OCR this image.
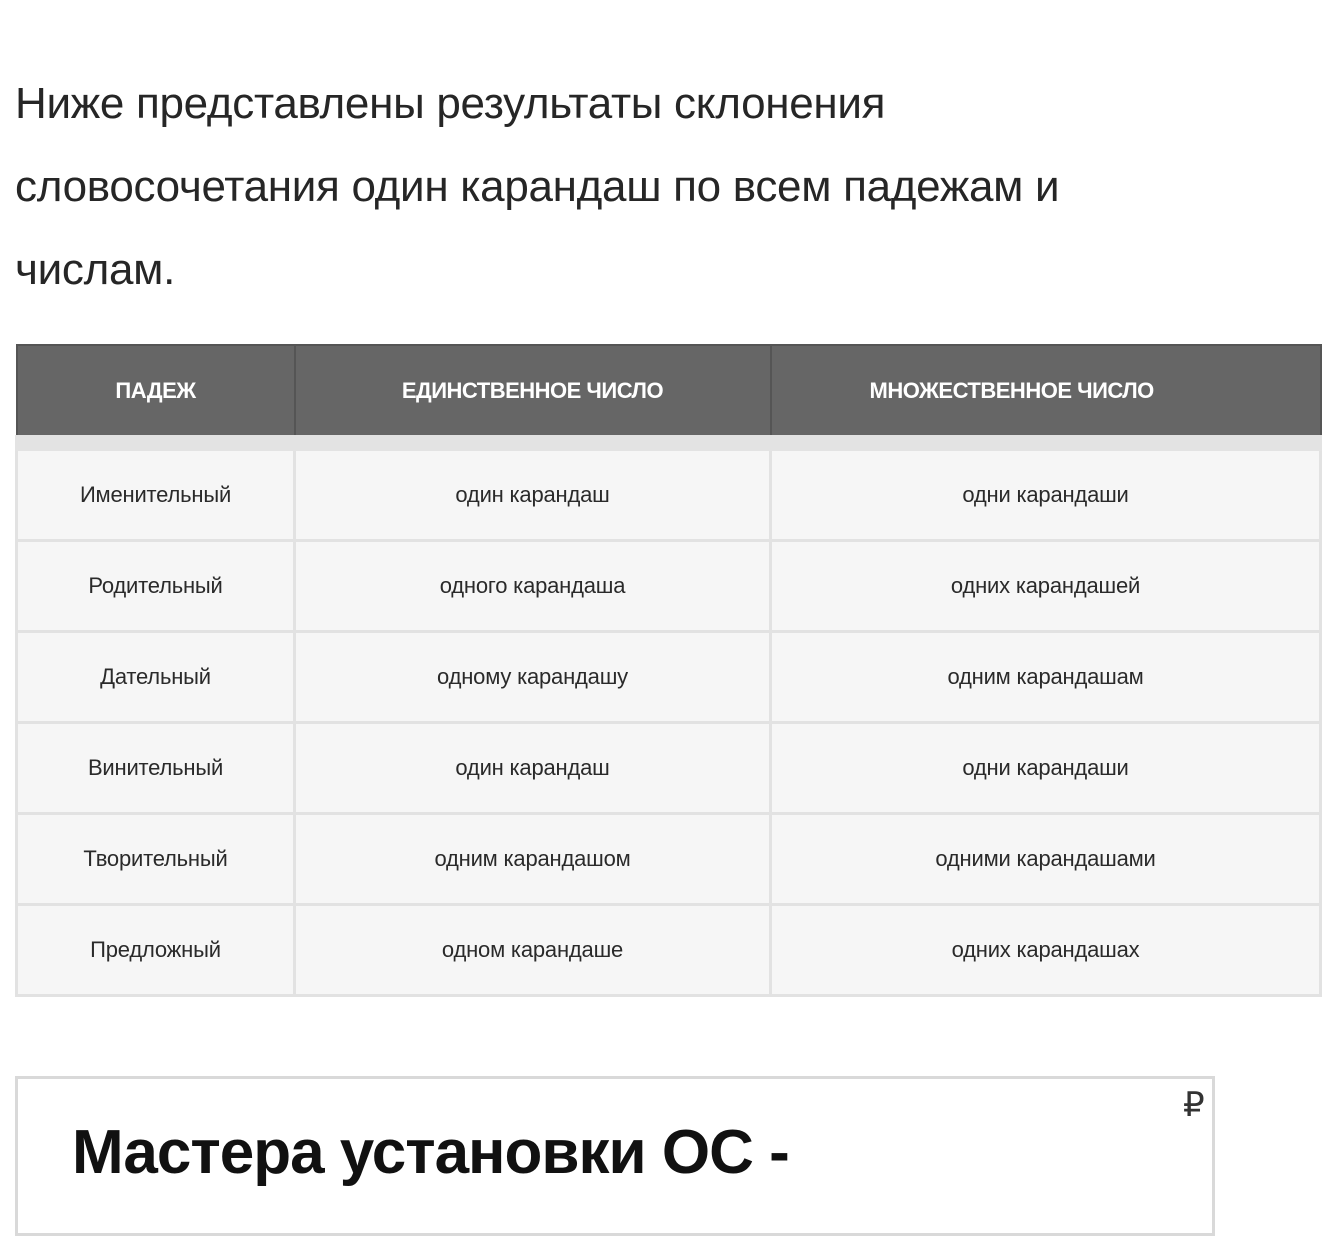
Ниже представлены результаты склонения словосочетания один карандаш по всем падежам и числам.

ПАДЕЖ	ЕДИНСТВЕННОЕ ЧИСЛО	МНОЖЕСТВЕННОЕ ЧИСЛО
Именительный	один карандаш	одни карандаши
Родительный	одного карандаша	одних карандашей
Дательный	одному карандашу	одним карандашам
Винительный	один карандаш	одни карандаши
Творительный	одним карандашом	одними карандашами
Предложный	одном карандаше	одних карандашах
₽
Мастера установки ОС -
